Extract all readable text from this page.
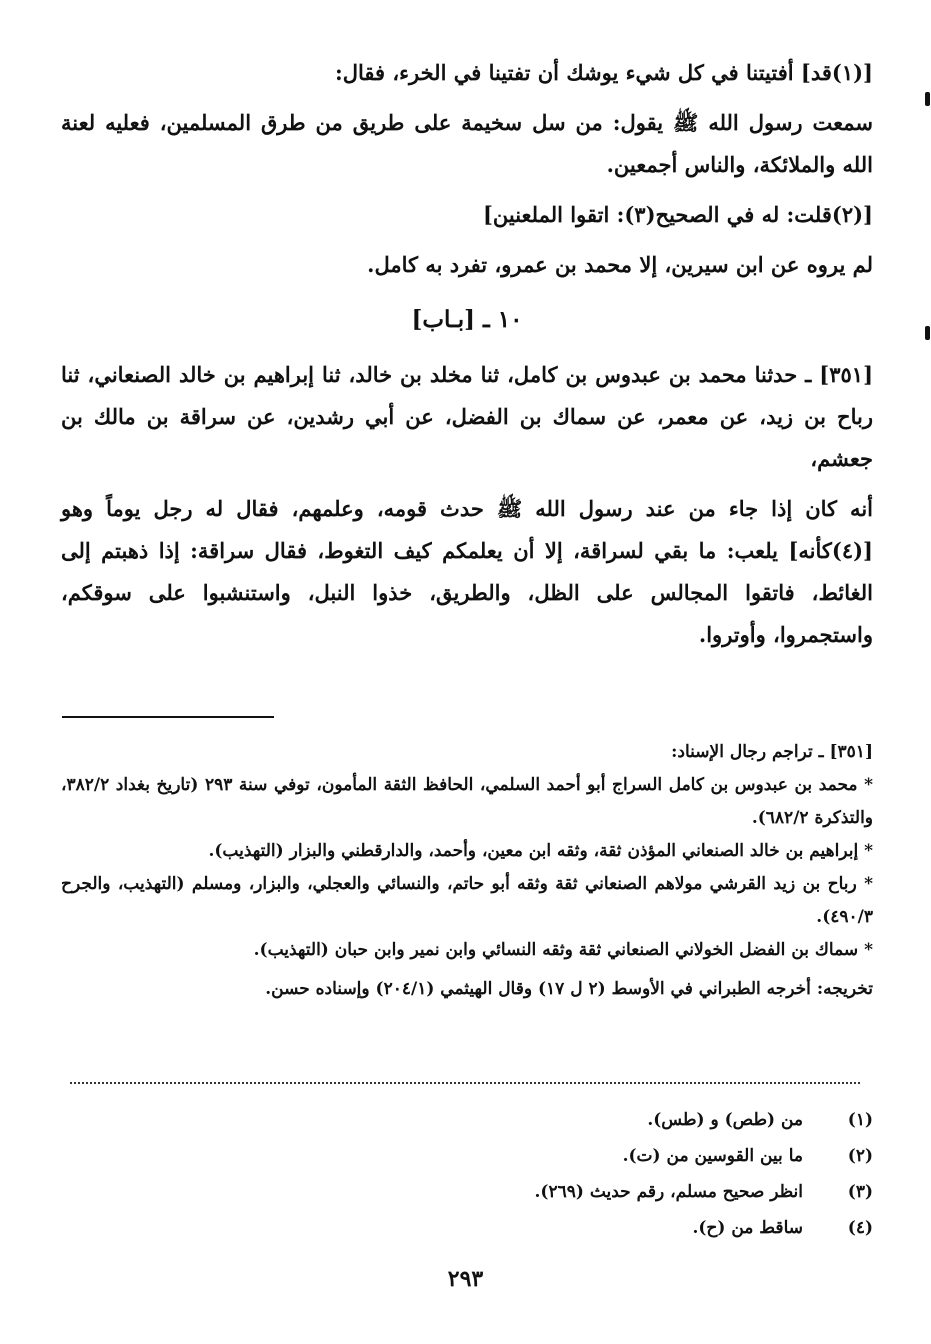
[(١)قد] أفتيتنا في كل شيء يوشك أن تفتينا في الخرء، فقال:

سمعت رسول الله ﷺ يقول: من سل سخيمة على طريق من طرق المسلمين، فعليه لعنة الله والملائكة، والناس أجمعين.

[(٢)قلت: له في الصحيح(٣): اتقوا الملعنين]

لم يروه عن ابن سيرين، إلا محمد بن عمرو، تفرد به كامل.

١٠ ـ [بـاب]

[٣٥١] ـ حدثنا محمد بن عبدوس بن كامل، ثنا مخلد بن خالد، ثنا إبراهيم بن خالد الصنعاني، ثنا رباح بن زيد، عن معمر، عن سماك بن الفضل، عن أبي رشدين، عن سراقة بن مالك بن جعشم،

أنه كان إذا جاء من عند رسول الله ﷺ حدث قومه، وعلمهم، فقال له رجل يوماً وهو [(٤)كأنه] يلعب: ما بقي لسراقة، إلا أن يعلمكم كيف التغوط، فقال سراقة: إذا ذهبتم إلى الغائط، فاتقوا المجالس على الظل، والطريق، خذوا النبل، واستنشبوا على سوقكم، واستجمروا، وأوتروا.

[٣٥١] ـ تراجم رجال الإسناد:

* محمد بن عبدوس بن كامل السراج أبو أحمد السلمي، الحافظ الثقة المأمون، توفي سنة ٢٩٣ (تاريخ بغداد ٣٨٢/٢، والتذكرة ٦٨٢/٢).

* إبراهيم بن خالد الصنعاني المؤذن ثقة، وثقه ابن معين، وأحمد، والدارقطني والبزار (التهذيب).

* رباح بن زيد القرشي مولاهم الصنعاني ثقة وثقه أبو حاتم، والنسائي والعجلي، والبزار، ومسلم (التهذيب، والجرح ٤٩٠/٣).

* سماك بن الفضل الخولاني الصنعاني ثقة وثقه النسائي وابن نمير وابن حبان (التهذيب).

تخريجه: أخرجه الطبراني في الأوسط (٢ ل ١٧) وقال الهيثمي (٢٠٤/١) وإسناده حسن.

(١)
من (طص) و (طس).
(٢)
ما بين القوسين من (ت).
(٣)
انظر صحيح مسلم، رقم حديث (٢٦٩).
(٤)
ساقط من (ح).
٢٩٣
